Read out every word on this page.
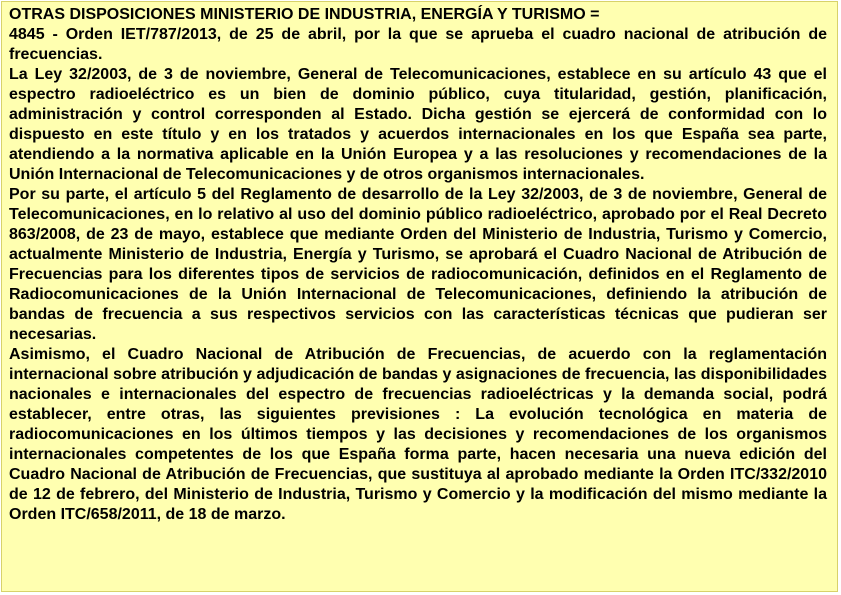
OTRAS DISPOSICIONES MINISTERIO DE INDUSTRIA, ENERGÍA Y TURISMO =

4845 - Orden IET/787/2013, de 25 de abril, por la que se aprueba el cuadro nacional de atribución de frecuencias.

La Ley 32/2003, de 3 de noviembre, General de Telecomunicaciones, establece en su artículo 43 que el espectro radioeléctrico es un bien de dominio público, cuya titularidad, gestión, planificación, administración y control corresponden al Estado. Dicha gestión se ejercerá de conformidad con lo dispuesto en este título y en los tratados y acuerdos internacionales en los que España sea parte, atendiendo a la normativa aplicable en la Unión Europea y a las resoluciones y recomendaciones de la Unión Internacional de Telecomunicaciones y de otros organismos internacionales.

Por su parte, el artículo 5 del Reglamento de desarrollo de la Ley 32/2003, de 3 de noviembre, General de Telecomunicaciones, en lo relativo al uso del dominio público radioeléctrico, aprobado por el Real Decreto 863/2008, de 23 de mayo, establece que mediante Orden del Ministerio de Industria, Turismo y Comercio, actualmente Ministerio de Industria, Energía y Turismo, se aprobará el Cuadro Nacional de Atribución de Frecuencias para los diferentes tipos de servicios de radiocomunicación, definidos en el Reglamento de Radiocomunicaciones de la Unión Internacional de Telecomunicaciones, definiendo la atribución de bandas de frecuencia a sus respectivos servicios con las características técnicas que pudieran ser necesarias.

Asimismo, el Cuadro Nacional de Atribución de Frecuencias, de acuerdo con la reglamentación internacional sobre atribución y adjudicación de bandas y asignaciones de frecuencia, las disponibilidades nacionales e internacionales del espectro de frecuencias radioeléctricas y la demanda social, podrá establecer, entre otras, las siguientes previsiones : La evolución tecnológica en materia de radiocomunicaciones en los últimos tiempos y las decisiones y recomendaciones de los organismos internacionales competentes de los que España forma parte, hacen necesaria una nueva edición del Cuadro Nacional de Atribución de Frecuencias, que sustituya al aprobado mediante la Orden ITC/332/2010 de 12 de febrero, del Ministerio de Industria, Turismo y Comercio y la modificación del mismo mediante la Orden ITC/658/2011, de 18 de marzo.
